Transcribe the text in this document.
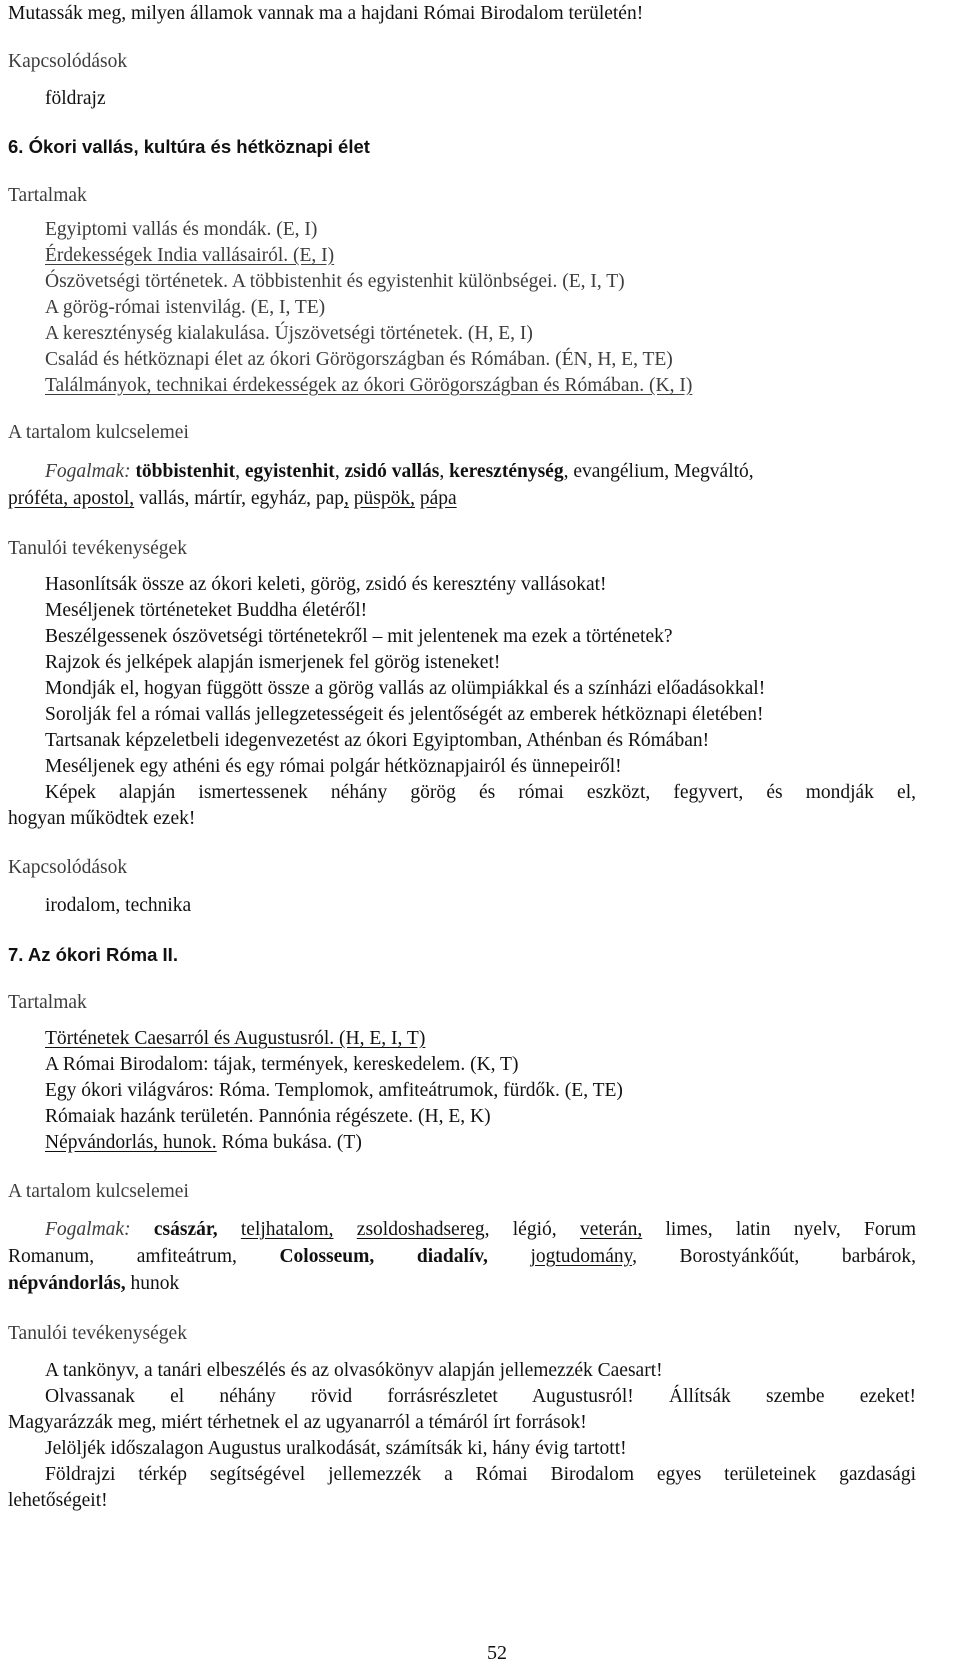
Mutassák meg, milyen államok vannak ma a hajdani Római Birodalom területén!
Kapcsolódások
földrajz
6. Ókori vallás, kultúra és hétköznapi élet
Tartalmak
Egyiptomi vallás és mondák. (E, I)
Érdekességek India vallásairól. (E, I)
Ószövetségi történetek. A többistenhit és egyistenhit különbségei. (E, I, T)
A görög-római istenvilág. (E, I, TE)
A kereszténység kialakulása. Újszövetségi történetek. (H, E, I)
Család és hétköznapi élet az ókori Görögországban és Rómában. (ÉN, H, E, TE)
Találmányok, technikai érdekességek az ókori Görögországban és Rómában. (K, I)
A tartalom kulcselemei
Fogalmak: többistenhit, egyistenhit, zsidó vallás, kereszténység, evangélium, Megváltó,
próféta, apostol, vallás, mártír, egyház, pap, püspök, pápa
Tanulói tevékenységek
Hasonlítsák össze az ókori keleti, görög, zsidó és keresztény vallásokat!
Meséljenek történeteket Buddha életéről!
Beszélgessenek ószövetségi történetekről – mit jelentenek ma ezek a történetek?
Rajzok és jelképek alapján ismerjenek fel görög isteneket!
Mondják el, hogyan függött össze a görög vallás az olümpiákkal és a színházi előadásokkal!
Sorolják fel a római vallás jellegzetességeit és jelentőségét az emberek hétköznapi életében!
Tartsanak képzeletbeli idegenvezetést az ókori Egyiptomban, Athénban és Rómában!
Meséljenek egy athéni és egy római polgár hétköznapjairól és ünnepeiről!
Képek alapján ismertessenek néhány görög és római eszközt, fegyvert, és mondják el,
hogyan működtek ezek!
Kapcsolódások
irodalom, technika
7. Az ókori Róma II.
Tartalmak
Történetek Caesarról és Augustusról. (H, E, I, T)
A Római Birodalom: tájak, termények, kereskedelem. (K, T)
Egy ókori világváros: Róma. Templomok, amfiteátrumok, fürdők. (E, TE)
Rómaiak hazánk területén. Pannónia régészete. (H, E, K)
Népvándorlás, hunok. Róma bukása. (T)
A tartalom kulcselemei
Fogalmak: császár, teljhatalom, zsoldoshadsereg, légió, veterán, limes, latin nyelv, Forum
Romanum, amfiteátrum, Colosseum, diadalív, jogtudomány, Borostyánkőút, barbárok,
népvándorlás, hunok
Tanulói tevékenységek
A tankönyv, a tanári elbeszélés és az olvasókönyv alapján jellemezzék Caesart!
Olvassanak el néhány rövid forrásrészletet Augustusról! Állítsák szembe ezeket!
Magyarázzák meg, miért térhetnek el az ugyanarról a témáról írt források!
Jelöljék időszalagon Augustus uralkodását, számítsák ki, hány évig tartott!
Földrajzi térkép segítségével jellemezzék a Római Birodalom egyes területeinek gazdasági
lehetőségeit!
52
